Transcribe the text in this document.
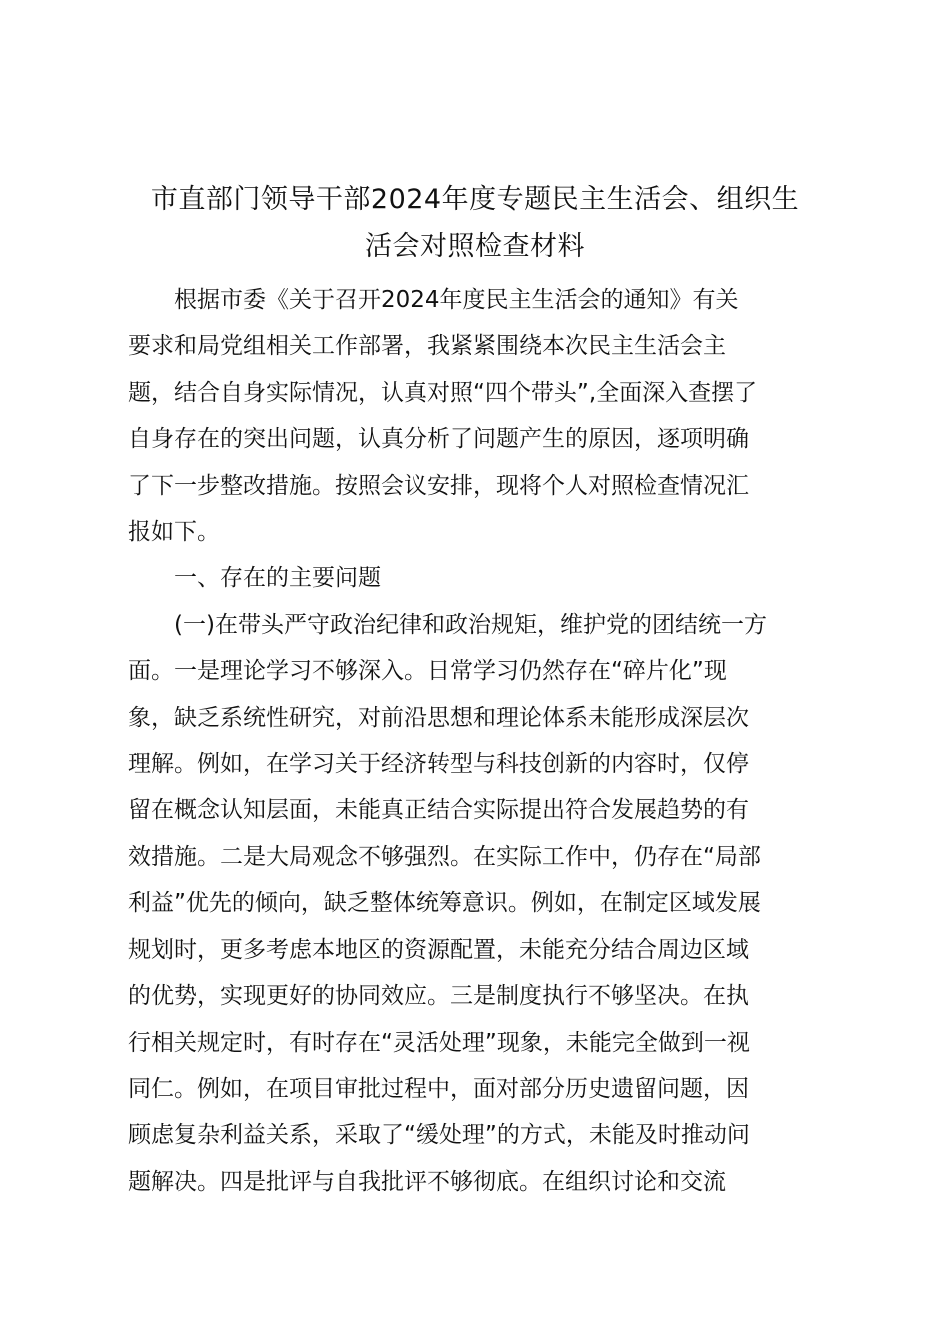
市直部门领导干部2024年度专题民主生活会、组织生
活会对照检查材料
根据市委《关于召开2024年度民主生活会的通知》有关
要求和局党组相关工作部署，我紧紧围绕本次民主生活会主
题，结合自身实际情况，认真对照“四个带头”,全面深入查摆了
自身存在的突出问题，认真分析了问题产生的原因，逐项明确
了下一步整改措施。按照会议安排，现将个人对照检查情况汇
报如下。
一、存在的主要问题
(一)在带头严守政治纪律和政治规矩，维护党的团结统一方
面。一是理论学习不够深入。日常学习仍然存在“碎片化”现
象，缺乏系统性研究，对前沿思想和理论体系未能形成深层次
理解。例如，在学习关于经济转型与科技创新的内容时，仅停
留在概念认知层面，未能真正结合实际提出符合发展趋势的有
效措施。二是大局观念不够强烈。在实际工作中，仍存在“局部
利益”优先的倾向，缺乏整体统筹意识。例如，在制定区域发展
规划时，更多考虑本地区的资源配置，未能充分结合周边区域
的优势，实现更好的协同效应。三是制度执行不够坚决。在执
行相关规定时，有时存在“灵活处理”现象，未能完全做到一视
同仁。例如，在项目审批过程中，面对部分历史遗留问题，因
顾虑复杂利益关系，采取了“缓处理”的方式，未能及时推动问
题解决。四是批评与自我批评不够彻底。在组织讨论和交流
